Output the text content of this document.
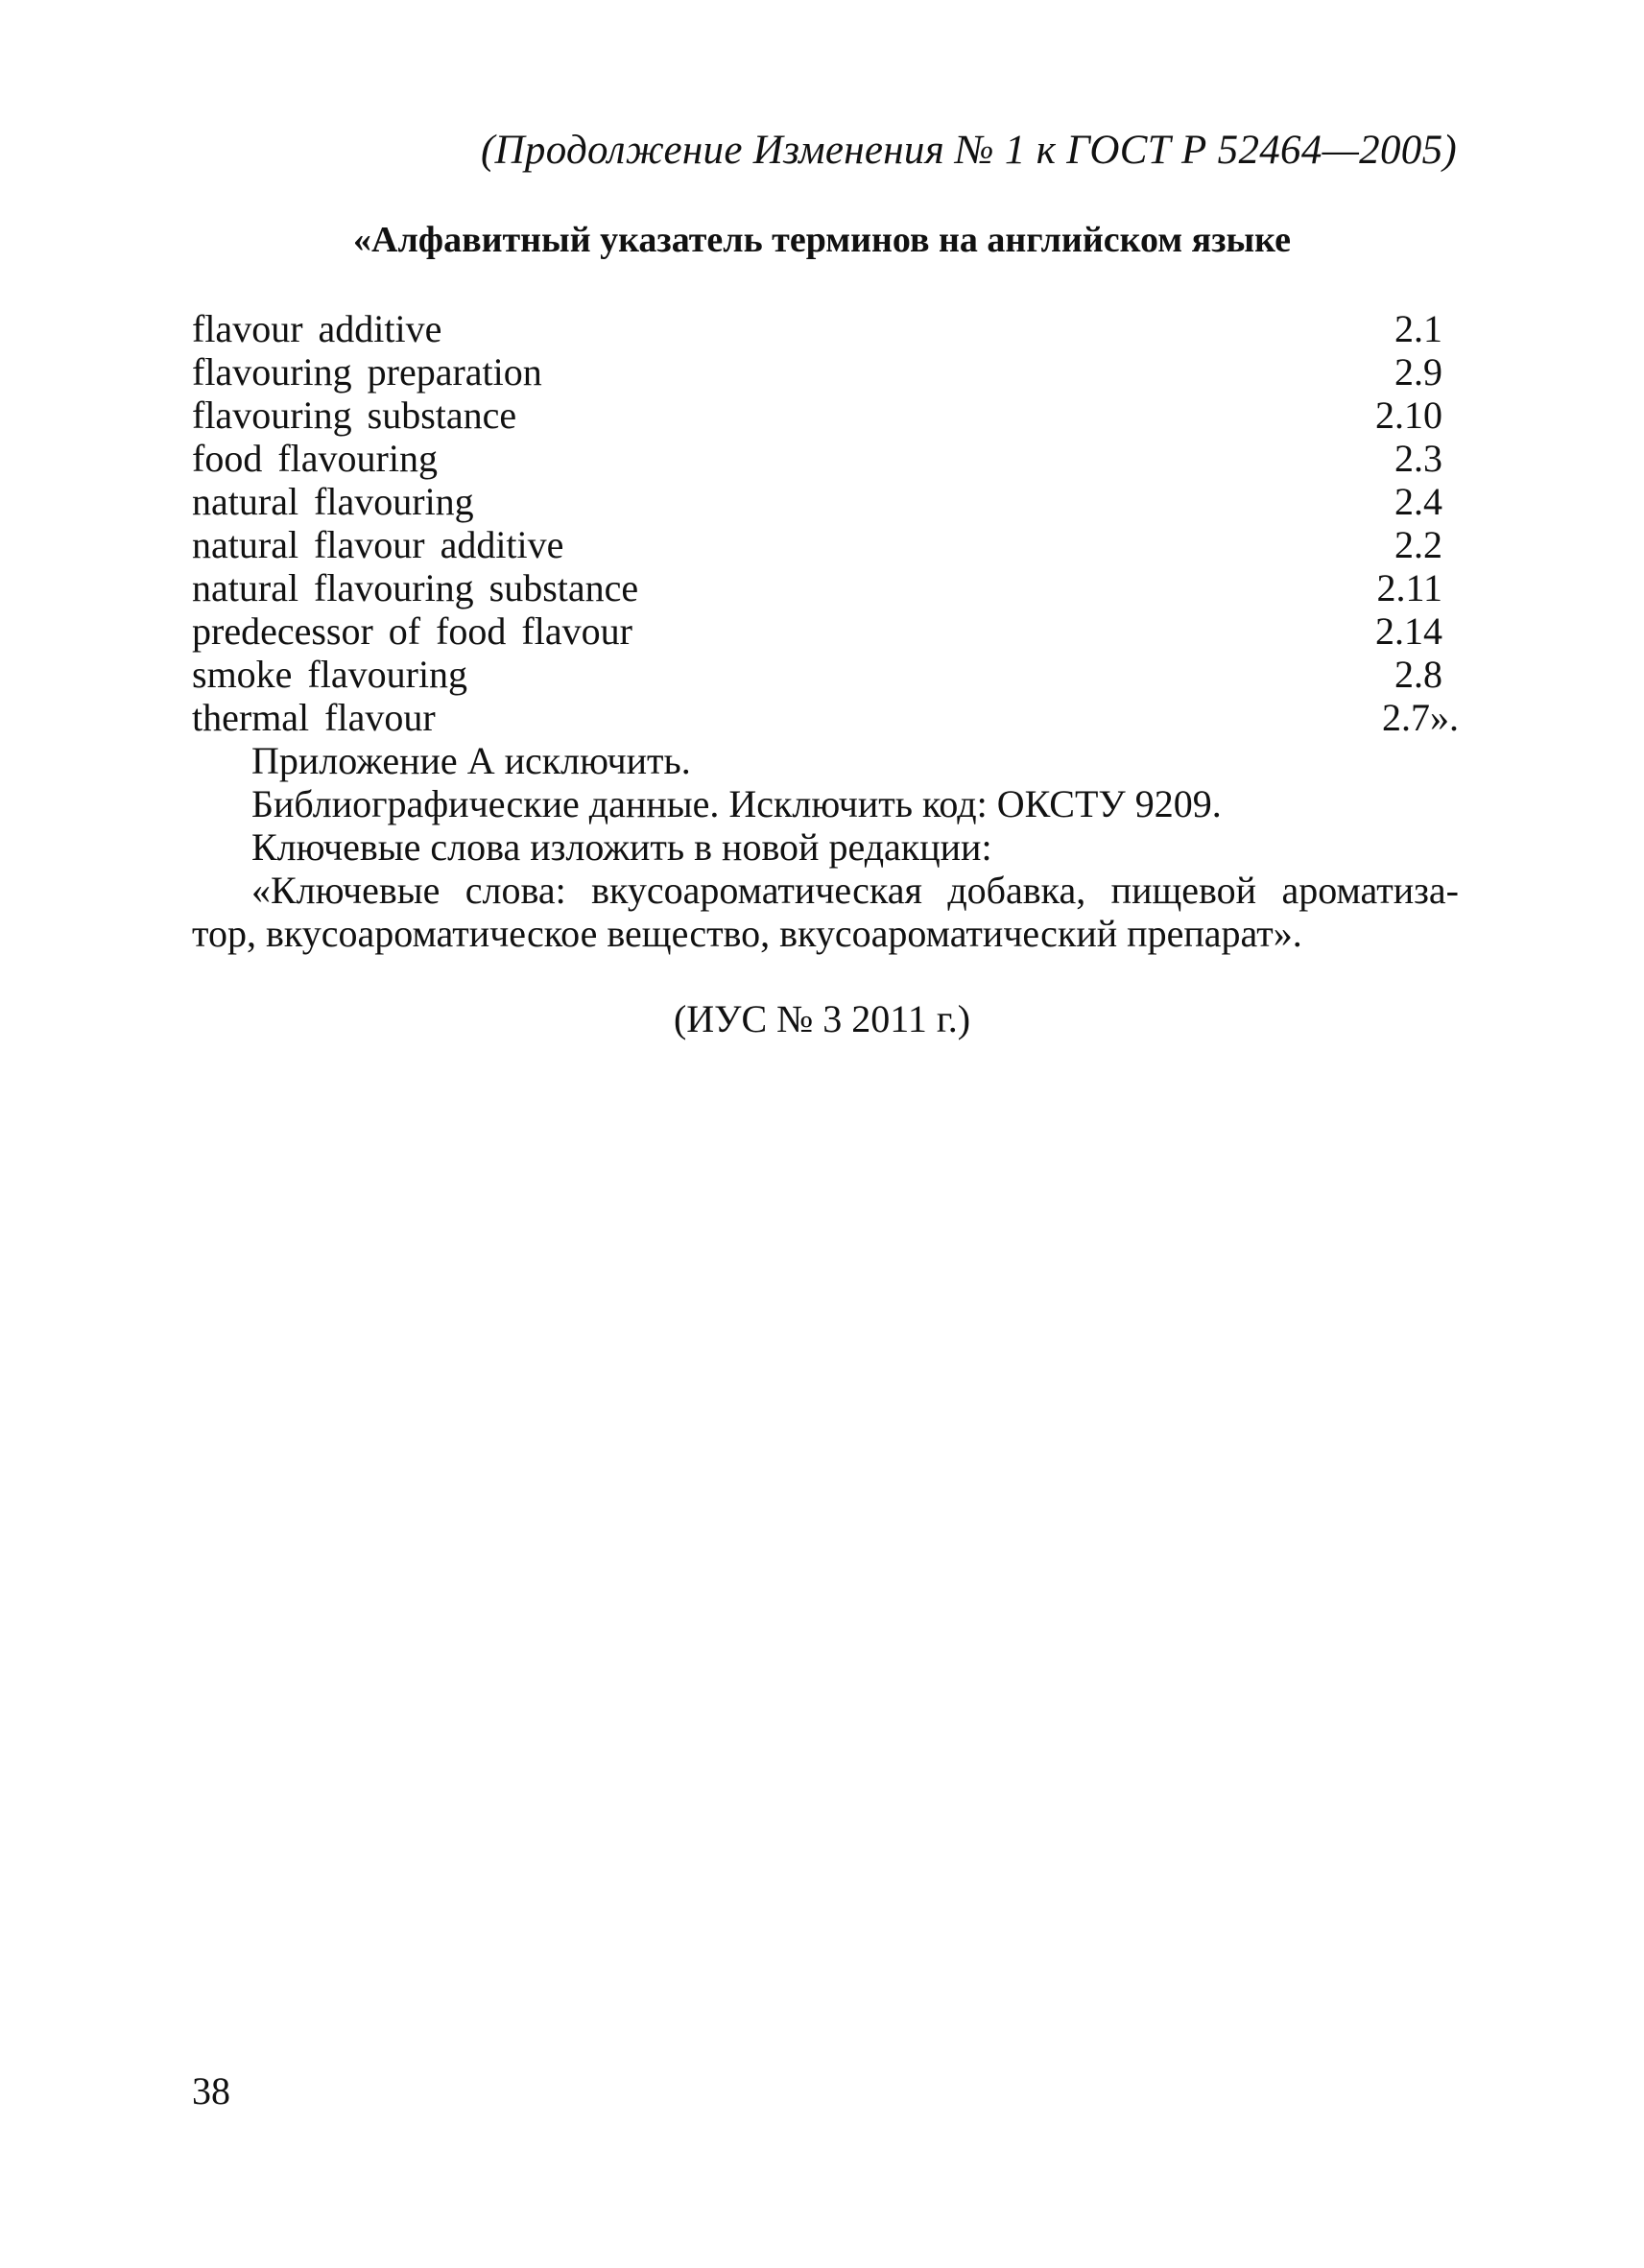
(Продолжение Изменения № 1 к ГОСТ Р 52464—2005)
«Алфавитный указатель терминов на английском языке
flavour additive	2.1
flavouring preparation	2.9
flavouring substance	2.10
food flavouring	2.3
natural flavouring	2.4
natural flavour additive	2.2
natural flavouring substance	2.11
predecessor of food flavour	2.14
smoke flavouring	2.8
thermal flavour	2.7».

Приложение А исключить.

Библиографические данные. Исключить код: ОКСТУ 9209.

Ключевые слова изложить в новой редакции:

«Ключевые слова: вкусоароматическая добавка, пищевой ароматиза-

тор, вкусоароматическое вещество, вкусоароматический препарат».

(ИУС № 3 2011 г.)
38
